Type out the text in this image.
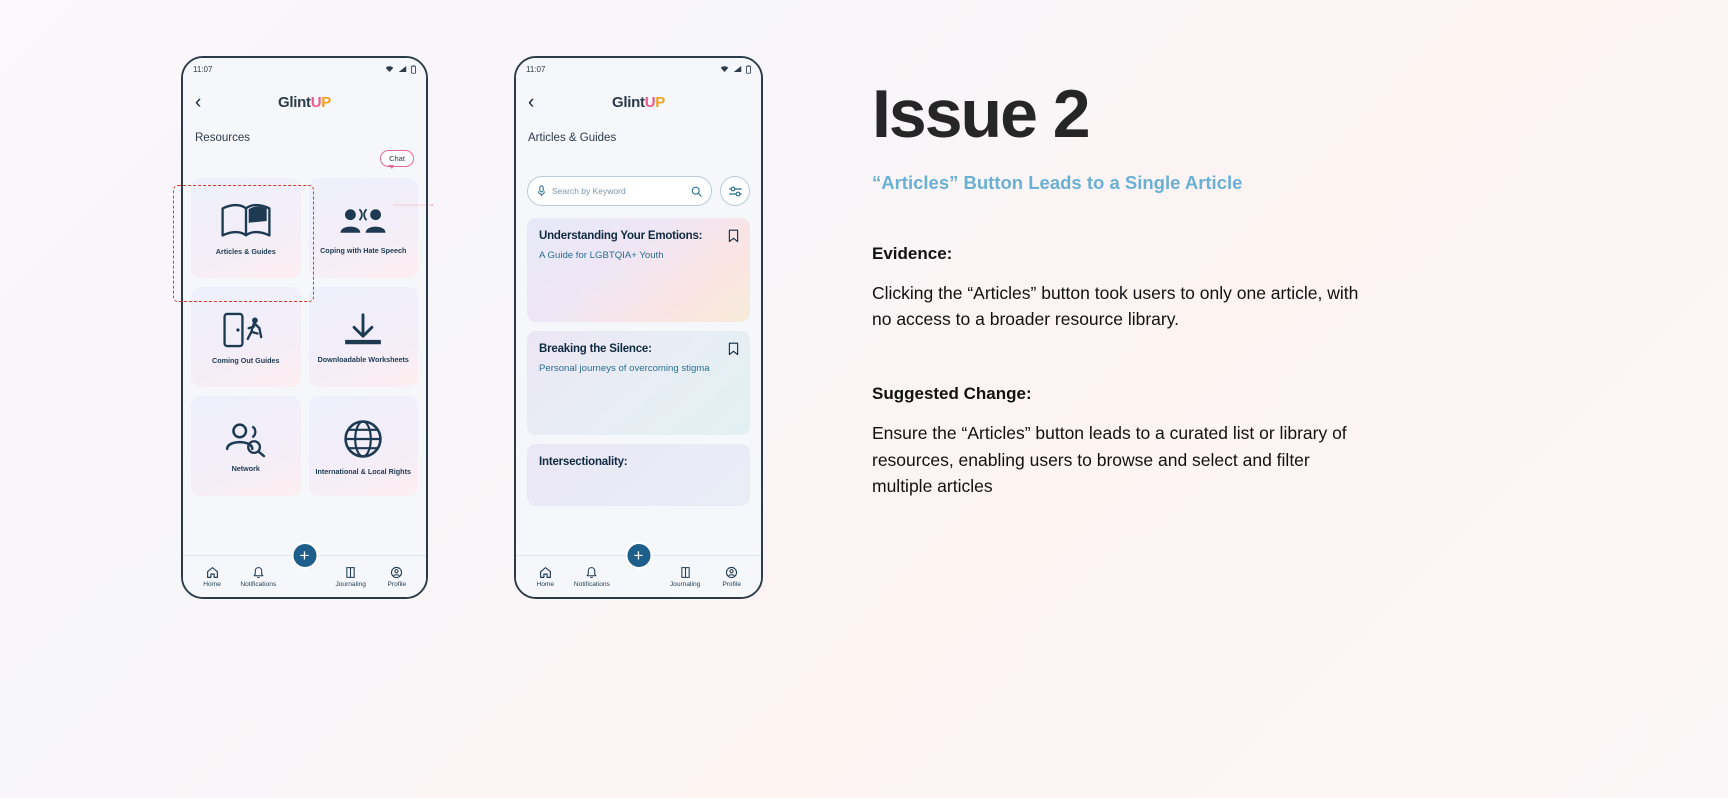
11:07
‹	GlintUP
Resources
Chat
Articles & Guides	Coping with Hate Speech
Coming Out Guides	Downloadable Worksheets
Network	International & Local Rights
Home	Notifications	Journaling	Profile
+
11:07
‹	GlintUP
Articles & Guides
Search by Keyword
Understanding Your Emotions:
A Guide for LGBTQIA+ Youth
Breaking the Silence:
Personal journeys of overcoming stigma
Intersectionality:
Home	Notifications	Journaling	Profile
+
Issue 2
“Articles” Button Leads to a Single Article
Evidence:
Clicking the “Articles” button took users to only one article, with no access to a broader resource library.
Suggested Change:
Ensure the “Articles” button leads to a curated list or library of resources, enabling users to browse and select and filter multiple articles
